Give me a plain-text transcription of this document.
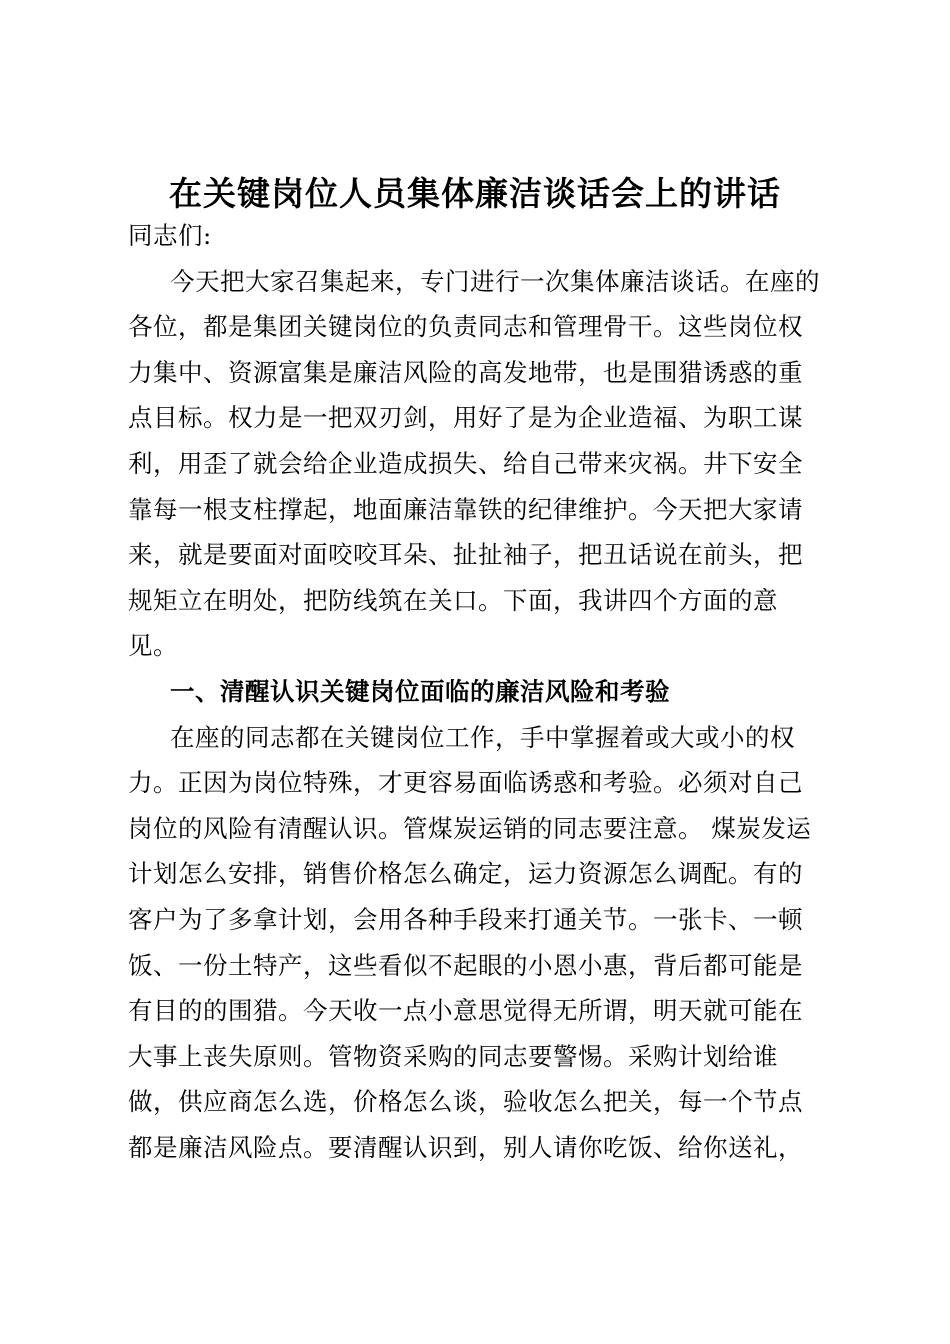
在关键岗位人员集体廉洁谈话会上的讲话
同志们:
今天把大家召集起来，专门进行一次集体廉洁谈话。在座的
各位，都是集团关键岗位的负责同志和管理骨干。这些岗位权
力集中、资源富集是廉洁风险的高发地带，也是围猎诱惑的重
点目标。权力是一把双刃剑，用好了是为企业造福、为职工谋
利，用歪了就会给企业造成损失、给自己带来灾祸。井下安全
靠每一根支柱撑起，地面廉洁靠铁的纪律维护。今天把大家请
来，就是要面对面咬咬耳朵、扯扯袖子，把丑话说在前头，把
规矩立在明处，把防线筑在关口。下面，我讲四个方面的意
见。
一、清醒认识关键岗位面临的廉洁风险和考验
在座的同志都在关键岗位工作，手中掌握着或大或小的权
力。正因为岗位特殊，才更容易面临诱惑和考验。必须对自己
岗位的风险有清醒认识。管煤炭运销的同志要注意。 煤炭发运
计划怎么安排，销售价格怎么确定，运力资源怎么调配。有的
客户为了多拿计划，会用各种手段来打通关节。一张卡、一顿
饭、一份土特产，这些看似不起眼的小恩小惠，背后都可能是
有目的的围猎。今天收一点小意思觉得无所谓，明天就可能在
大事上丧失原则。管物资采购的同志要警惕。采购计划给谁
做，供应商怎么选，价格怎么谈，验收怎么把关，每一个节点
都是廉洁风险点。要清醒认识到，别人请你吃饭、给你送礼，
